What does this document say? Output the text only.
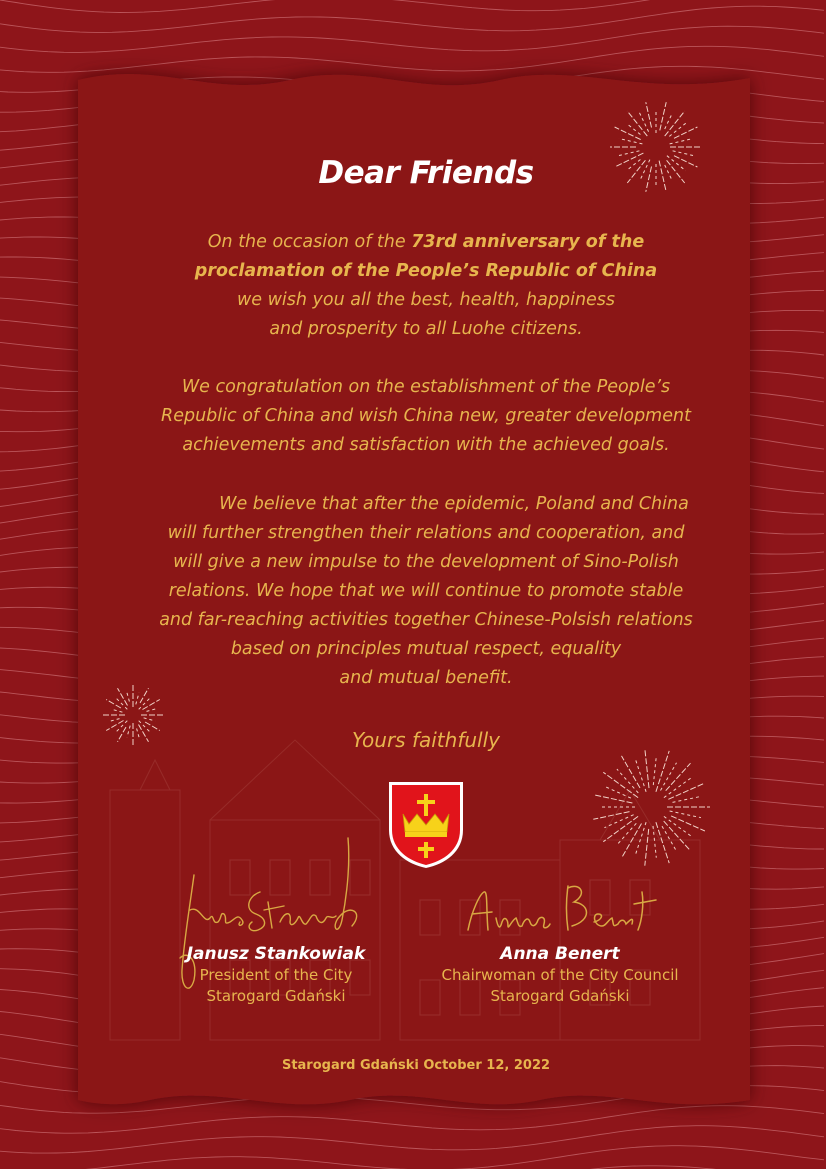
Dear Friends
On the occasion of the 73rd anniversary of the
proclamation of the People’s Republic of China
we wish you all the best, health, happiness
and prosperity to all Luohe citizens.
We congratulation on the establishment of the People’s
Republic of China and wish China new, greater development
achievements and satisfaction with the achieved goals.
We believe that after the epidemic, Poland and China
will further strengthen their relations and cooperation, and
will give a new impulse to the development of Sino-Polish
relations. We hope that we will continue to promote stable
and far-reaching activities together Chinese-Polsish relations
based on principles mutual respect, equality
and mutual benefit.
Yours faithfully
Janusz Stankowiak
President of the City
Starogard Gdański
Anna Benert
Chairwoman of the City Council
Starogard Gdański
Starogard Gdański October 12, 2022
